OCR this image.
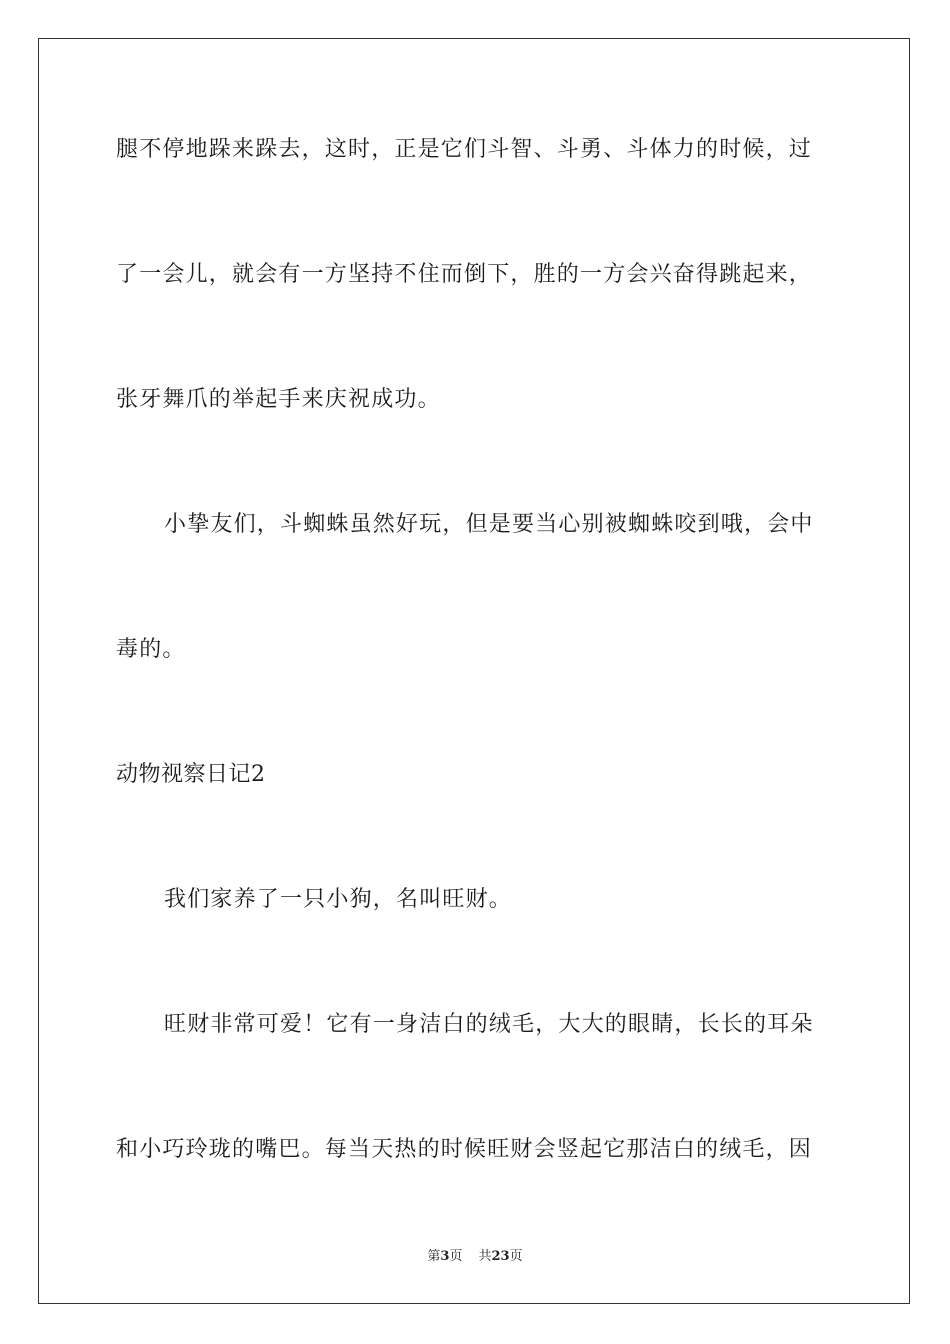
腿不停地跺来跺去，这时，正是它们斗智、斗勇、斗体力的时候，过
了一会儿，就会有一方坚持不住而倒下，胜的一方会兴奋得跳起来，
张牙舞爪的举起手来庆祝成功。
小挚友们，斗蜘蛛虽然好玩，但是要当心别被蜘蛛咬到哦，会中
毒的。
动物视察日记2
我们家养了一只小狗，名叫旺财。
旺财非常可爱！它有一身洁白的绒毛，大大的眼睛，长长的耳朵
和小巧玲珑的嘴巴。每当天热的时候旺财会竖起它那洁白的绒毛，因
第3页 共23页
